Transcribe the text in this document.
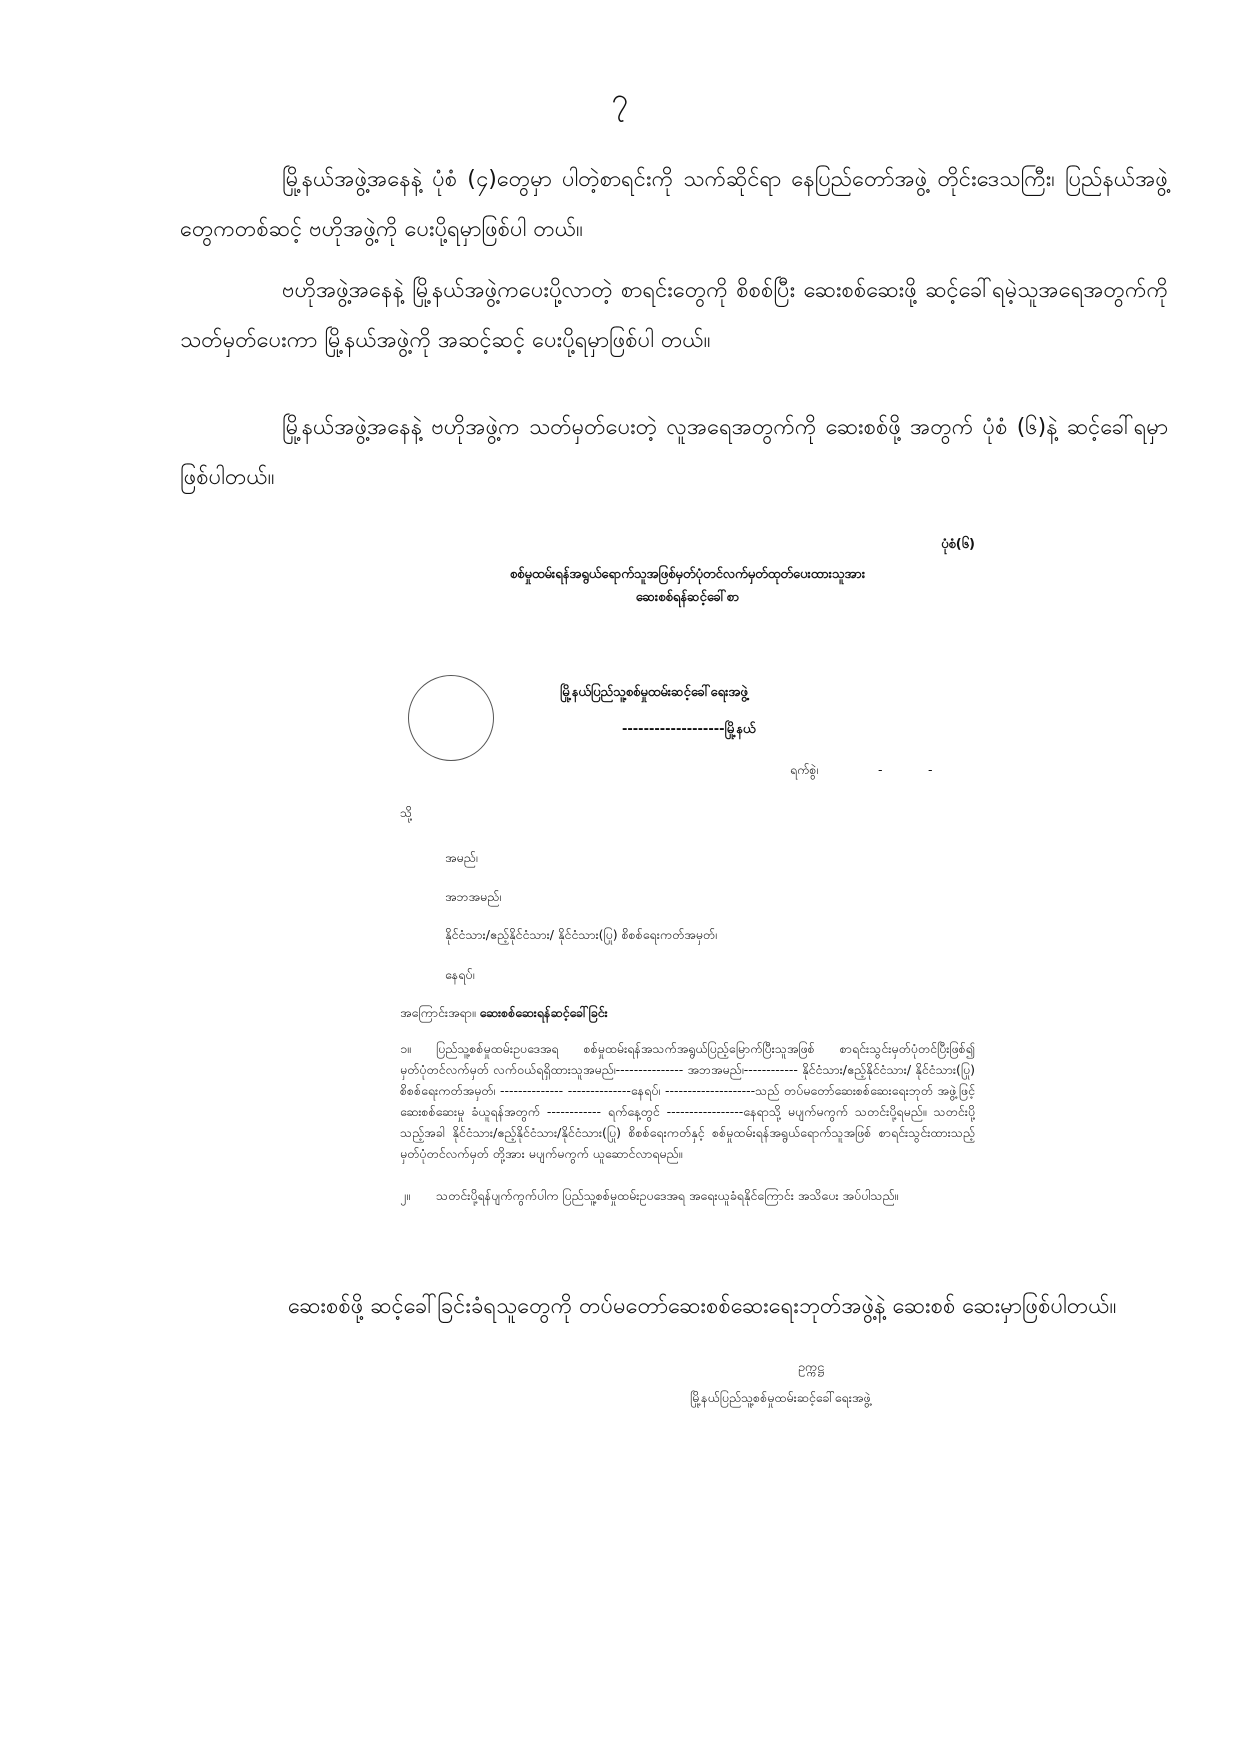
၇

မြို့နယ်အဖွဲ့အနေနဲ့ ပုံစံ (၄)တွေမှာ ပါတဲ့စာရင်းကို သက်ဆိုင်ရာ နေပြည်တော်အဖွဲ့ တိုင်းဒေသကြီး၊ ပြည်နယ်အဖွဲ့တွေကတစ်ဆင့် ဗဟိုအဖွဲ့ကို ပေးပို့ရမှာဖြစ်ပါ တယ်။

ဗဟိုအဖွဲ့အနေနဲ့ မြို့နယ်အဖွဲ့ကပေးပို့လာတဲ့ စာရင်းတွေကို စိစစ်ပြီး ဆေးစစ်ဆေးဖို့ ဆင့်ခေါ်ရမဲ့သူအရေအတွက်ကို သတ်မှတ်ပေးကာ မြို့နယ်အဖွဲ့ကို အဆင့်ဆင့် ပေးပို့ရမှာဖြစ်ပါ တယ်။

မြို့နယ်အဖွဲ့အနေနဲ့ ဗဟိုအဖွဲ့က သတ်မှတ်ပေးတဲ့ လူအရေအတွက်ကို ဆေးစစ်ဖို့ အတွက် ပုံစံ (၆)နဲ့ ဆင့်ခေါ်ရမှာဖြစ်ပါတယ်။

ပုံစံ(၆)
စစ်မှုထမ်းရန်အရွယ်ရောက်သူအဖြစ်မှတ်ပုံတင်လက်မှတ်ထုတ်ပေးထားသူအား
ဆေးစစ်ရန်ဆင့်ခေါ်စာ
မြို့နယ်ပြည်သူ့စစ်မှုထမ်းဆင့်ခေါ်ရေးအဖွဲ့
-------------------မြို့နယ်
ရက်စွဲ၊	-	-
သို့
အမည်၊
အဘအမည်၊
နိုင်ငံသား/ဧည့်နိုင်ငံသား/ နိုင်ငံသား(ပြု) စိစစ်ရေးကတ်အမှတ်၊
နေရပ်၊
အကြောင်းအရာ။ ဆေးစစ်ဆေးရန်ဆင့်ခေါ်ခြင်း

၁။ ပြည်သူ့စစ်မှုထမ်းဥပဒေအရ စစ်မှုထမ်းရန်အသက်အရွယ်ပြည့်မြောက်ပြီးသူအဖြစ် စာရင်းသွင်းမှတ်ပုံတင်ပြီးဖြစ်၍ မှတ်ပုံတင်လက်မှတ် လက်ဝယ်ရရှိထားသူအမည်၊--------------- အဘအမည်၊------------ နိုင်ငံသား/ဧည့်နိုင်ငံသား/ နိုင်ငံသား(ပြု) စိစစ်ရေးကတ်အမှတ်၊ -------------- --------------နေရပ်၊ --------------------သည် တပ်မတော်ဆေးစစ်ဆေးရေးဘုတ် အဖွဲ့ဖြင့် ဆေးစစ်ဆေးမှု ခံယူရန်အတွက် ------------ ရက်နေ့တွင် -----------------နေရာသို့ မပျက်မကွက် သတင်းပို့ရမည်။ သတင်းပို့သည့်အခါ နိုင်ငံသား/ဧည့်နိုင်ငံသား/နိုင်ငံသား(ပြု) စိစစ်ရေးကတ်နှင့် စစ်မှုထမ်းရန်အရွယ်ရောက်သူအဖြစ် စာရင်းသွင်းထားသည့် မှတ်ပုံတင်လက်မှတ် တို့အား မပျက်မကွက် ယူဆောင်လာရမည်။

၂။ သတင်းပို့ရန်ပျက်ကွက်ပါက ပြည်သူ့စစ်မှုထမ်းဥပဒေအရ အရေးယူခံရနိုင်ကြောင်း အသိပေး အပ်ပါသည်။

ဥက္ကဋ္ဌ
မြို့နယ်ပြည်သူ့စစ်မှုထမ်းဆင့်ခေါ်ရေးအဖွဲ့

ဆေးစစ်ဖို့ ဆင့်ခေါ်ခြင်းခံရသူတွေကို တပ်မတော်ဆေးစစ်ဆေးရေးဘုတ်အဖွဲ့နဲ့ ဆေးစစ် ဆေးမှာဖြစ်ပါတယ်။
